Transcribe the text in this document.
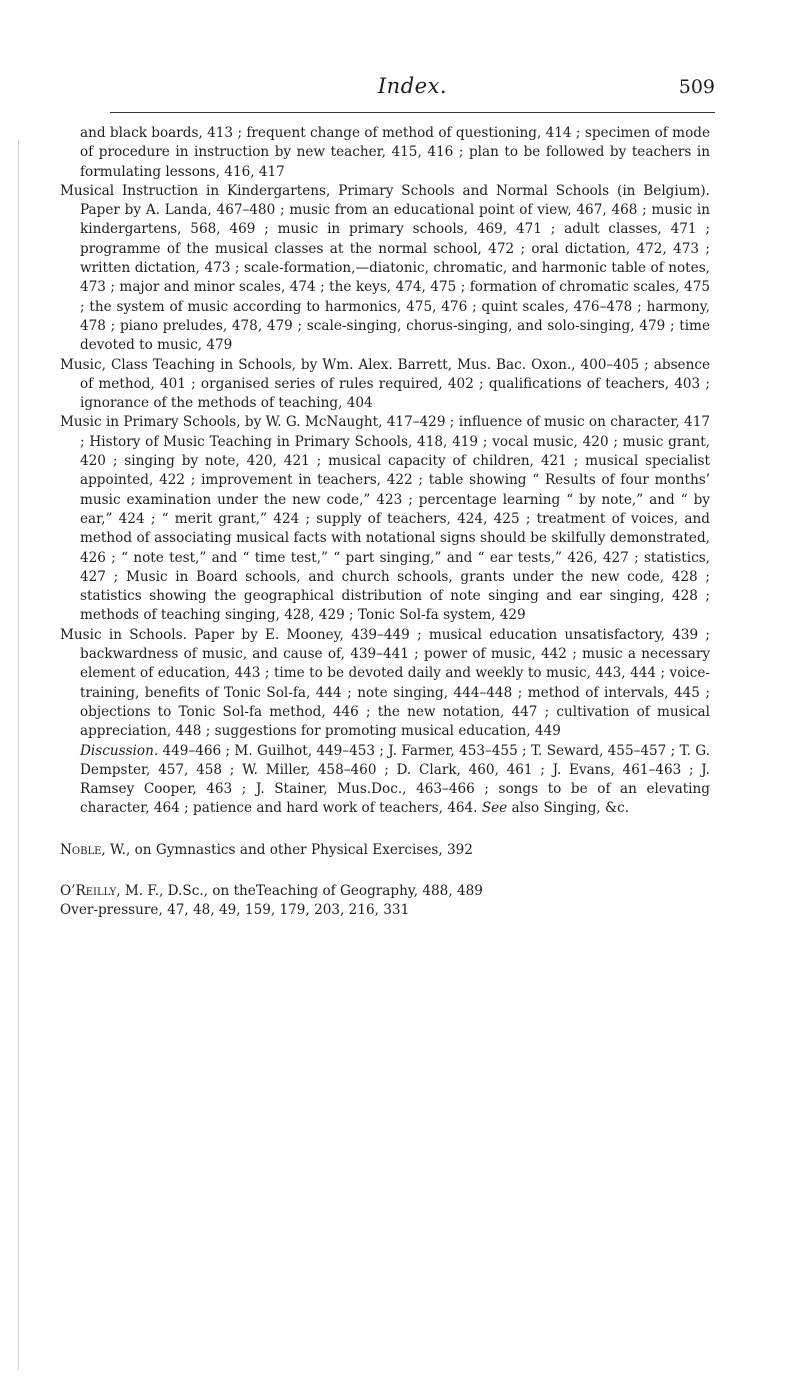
Index.	509

and black boards, 413 ; frequent change of method of questioning, 414 ; specimen of mode of procedure in instruction by new teacher, 415, 416 ; plan to be followed by teachers in formulating lessons, 416, 417

Musical Instruction in Kindergartens, Primary Schools and Normal Schools (in Belgium). Paper by A. Landa, 467–480 ; music from an educational point of view, 467, 468 ; music in kindergartens, 568, 469 ; music in primary schools, 469, 471 ; adult classes, 471 ; programme of the musical classes at the normal school, 472 ; oral dictation, 472, 473 ; written dictation, 473 ; scale-formation,—diatonic, chromatic, and harmonic table of notes, 473 ; major and minor scales, 474 ; the keys, 474, 475 ; formation of chromatic scales, 475 ; the system of music according to harmonics, 475, 476 ; quint scales, 476–478 ; harmony, 478 ; piano preludes, 478, 479 ; scale-singing, chorus-singing, and solo-singing, 479 ; time devoted to music, 479

Music, Class Teaching in Schools, by Wm. Alex. Barrett, Mus. Bac. Oxon., 400–405 ; absence of method, 401 ; organised series of rules required, 402 ; qualifications of teachers, 403 ; ignorance of the methods of teaching, 404

Music in Primary Schools, by W. G. McNaught, 417–429 ; influence of music on character, 417 ; History of Music Teaching in Primary Schools, 418, 419 ; vocal music, 420 ; music grant, 420 ; singing by note, 420, 421 ; musical capacity of children, 421 ; musical specialist appointed, 422 ; improvement in teachers, 422 ; table showing “ Results of four months’ music examination under the new code,” 423 ; percentage learning “ by note,” and “ by ear,” 424 ; “ merit grant,” 424 ; supply of teachers, 424, 425 ; treatment of voices, and method of associating musical facts with notational signs should be skilfully demonstrated, 426 ; “ note test,” and “ time test,” “ part singing,” and “ ear tests,” 426, 427 ; statistics, 427 ; Music in Board schools, and church schools, grants under the new code, 428 ; statistics showing the geographical distribution of note singing and ear singing, 428 ; methods of teaching singing, 428, 429 ; Tonic Sol-fa system, 429

Music in Schools. Paper by E. Mooney, 439–449 ; musical education unsatisfactory, 439 ; backwardness of music, and cause of, 439–441 ; power of music, 442 ; music a necessary element of education, 443 ; time to be devoted daily and weekly to music, 443, 444 ; voice-training, benefits of Tonic Sol-fa, 444 ; note singing, 444–448 ; method of intervals, 445 ; objections to Tonic Sol-fa method, 446 ; the new notation, 447 ; cultivation of musical appreciation, 448 ; suggestions for promoting musical education, 449

Discussion. 449–466 ; M. Guilhot, 449–453 ; J. Farmer, 453–455 ; T. Seward, 455–457 ; T. G. Dempster, 457, 458 ; W. Miller, 458–460 ; D. Clark, 460, 461 ; J. Evans, 461–463 ; J. Ramsey Cooper, 463 ; J. Stainer, Mus.Doc., 463–466 ; songs to be of an elevating character, 464 ; patience and hard work of teachers, 464. See also Singing, &c.

Noble, W., on Gymnastics and other Physical Exercises, 392

O’Reilly, M. F., D.Sc., on theTeaching of Geography, 488, 489

Over-pressure, 47, 48, 49, 159, 179, 203, 216, 331
